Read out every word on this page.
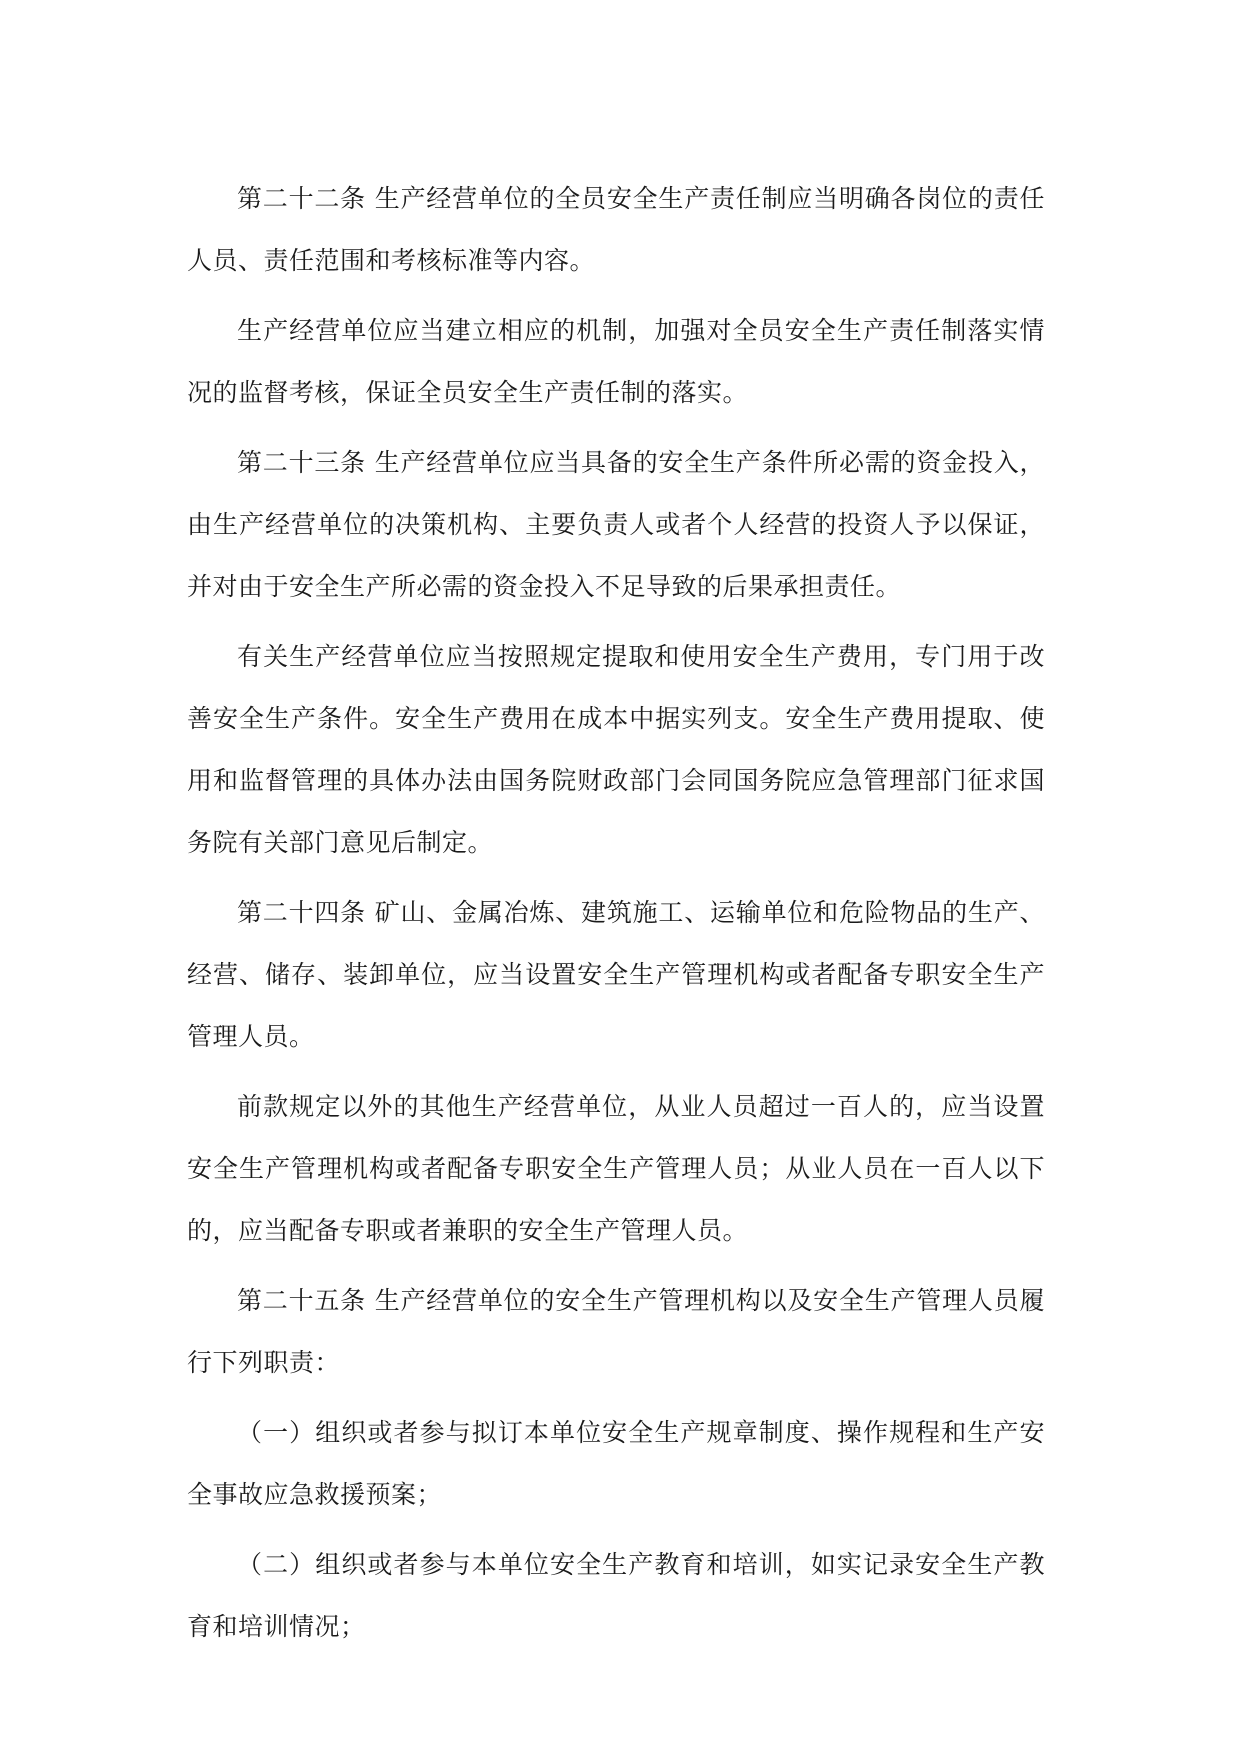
第二十二条 生产经营单位的全员安全生产责任制应当明确各岗位的责任人员、责任范围和考核标准等内容。

生产经营单位应当建立相应的机制，加强对全员安全生产责任制落实情况的监督考核，保证全员安全生产责任制的落实。

第二十三条 生产经营单位应当具备的安全生产条件所必需的资金投入，由生产经营单位的决策机构、主要负责人或者个人经营的投资人予以保证，并对由于安全生产所必需的资金投入不足导致的后果承担责任。

有关生产经营单位应当按照规定提取和使用安全生产费用，专门用于改善安全生产条件。安全生产费用在成本中据实列支。安全生产费用提取、使用和监督管理的具体办法由国务院财政部门会同国务院应急管理部门征求国务院有关部门意见后制定。

第二十四条 矿山、金属冶炼、建筑施工、运输单位和危险物品的生产、经营、储存、装卸单位，应当设置安全生产管理机构或者配备专职安全生产管理人员。

前款规定以外的其他生产经营单位，从业人员超过一百人的，应当设置安全生产管理机构或者配备专职安全生产管理人员；从业人员在一百人以下的，应当配备专职或者兼职的安全生产管理人员。

第二十五条 生产经营单位的安全生产管理机构以及安全生产管理人员履行下列职责：

（一）组织或者参与拟订本单位安全生产规章制度、操作规程和生产安全事故应急救援预案；

（二）组织或者参与本单位安全生产教育和培训，如实记录安全生产教育和培训情况；
